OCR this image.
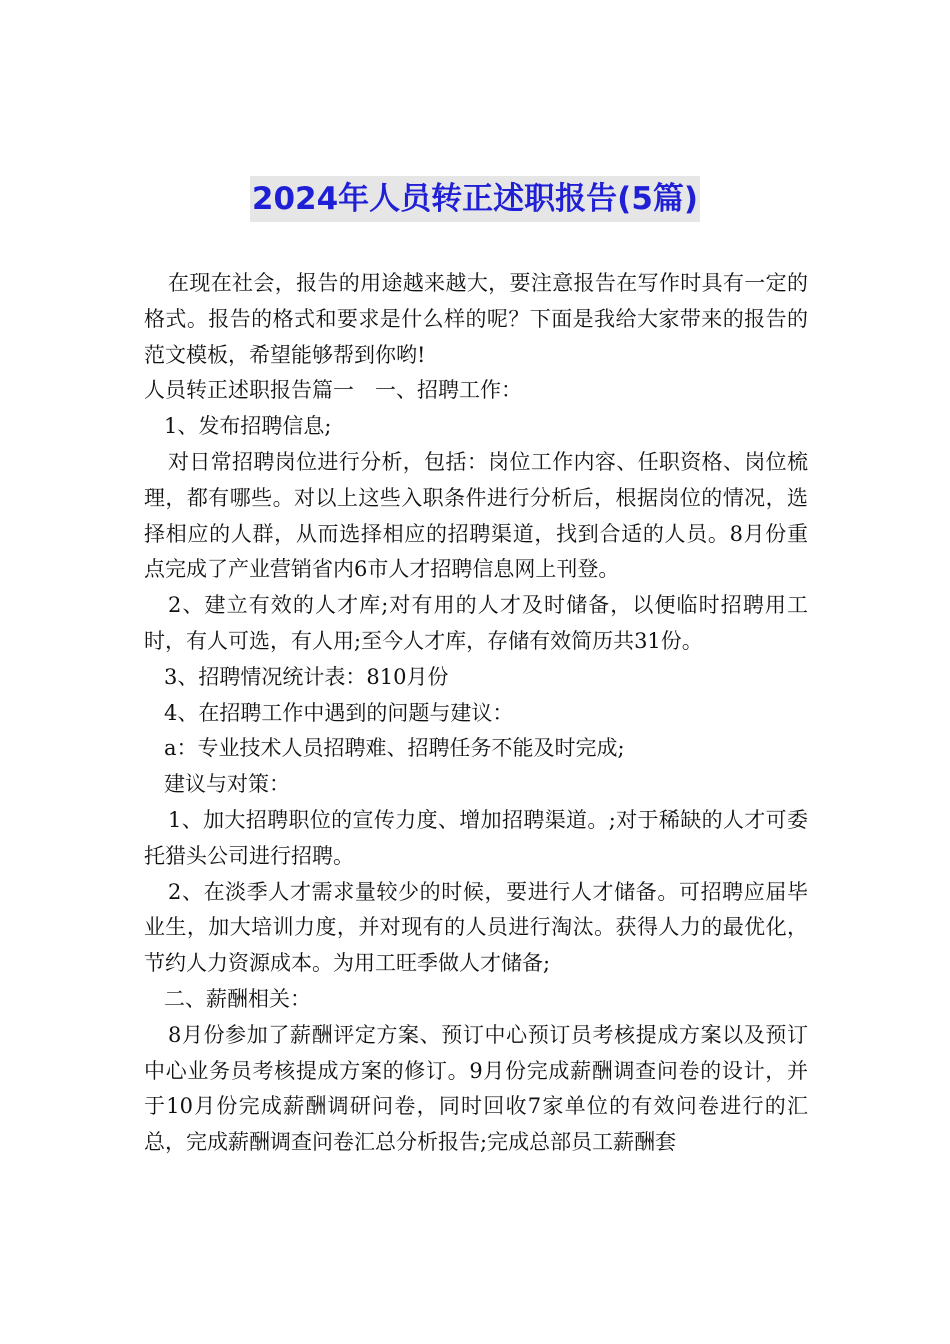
2024年人员转正述职报告(5篇)

在现在社会，报告的用途越来越大，要注意报告在写作时具有一定的格式。报告的格式和要求是什么样的呢？下面是我给大家带来的报告的范文模板，希望能够帮到你哟!

人员转正述职报告篇一　一、招聘工作：

1、发布招聘信息;

对日常招聘岗位进行分析，包括：岗位工作内容、任职资格、岗位梳理，都有哪些。对以上这些入职条件进行分析后，根据岗位的情况，选择相应的人群，从而选择相应的招聘渠道，找到合适的人员。8月份重点完成了产业营销省内6市人才招聘信息网上刊登。

2、建立有效的人才库;对有用的人才及时储备，以便临时招聘用工时，有人可选，有人用;至今人才库，存储有效简历共31份。

3、招聘情况统计表：810月份

4、在招聘工作中遇到的问题与建议：

a：专业技术人员招聘难、招聘任务不能及时完成;

建议与对策：

1、加大招聘职位的宣传力度、增加招聘渠道。;对于稀缺的人才可委托猎头公司进行招聘。

2、在淡季人才需求量较少的时候，要进行人才储备。可招聘应届毕业生，加大培训力度，并对现有的人员进行淘汰。获得人力的最优化，节约人力资源成本。为用工旺季做人才储备;

二、薪酬相关：

8月份参加了薪酬评定方案、预订中心预订员考核提成方案以及预订中心业务员考核提成方案的修订。9月份完成薪酬调查问卷的设计，并于10月份完成薪酬调研问卷，同时回收7家单位的有效问卷进行的汇总，完成薪酬调查问卷汇总分析报告;完成总部员工薪酬套
